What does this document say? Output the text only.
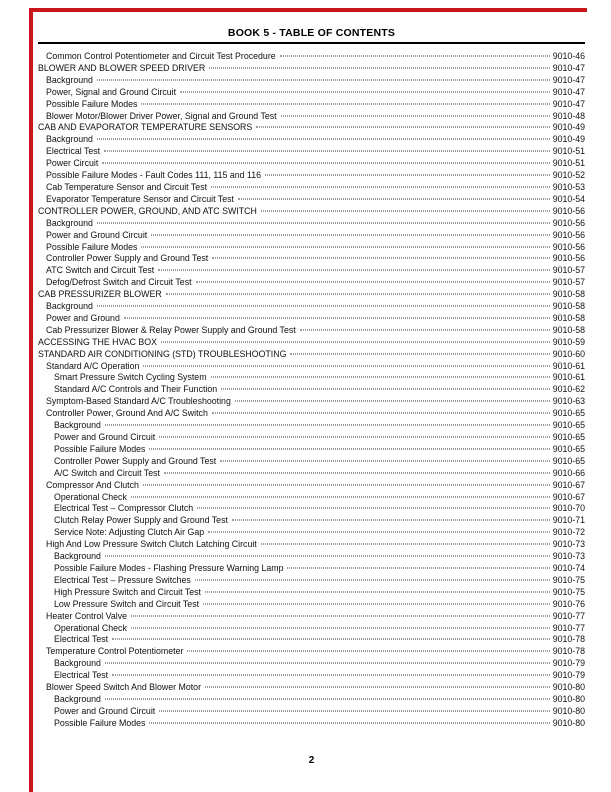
BOOK 5 - TABLE OF CONTENTS
Common Control Potentiometer and Circuit Test Procedure	9010-46
BLOWER AND BLOWER SPEED DRIVER	9010-47
Background	9010-47
Power, Signal and Ground Circuit	9010-47
Possible Failure Modes	9010-47
Blower Motor/Blower Driver Power, Signal and Ground Test	9010-48
CAB AND EVAPORATOR TEMPERATURE SENSORS	9010-49
Background	9010-49
Electrical Test	9010-51
Power Circuit	9010-51
Possible Failure Modes - Fault Codes 111, 115 and 116	9010-52
Cab Temperature Sensor and Circuit Test	9010-53
Evaporator Temperature Sensor and Circuit Test	9010-54
CONTROLLER POWER, GROUND, AND ATC SWITCH	9010-56
Background	9010-56
Power and Ground Circuit	9010-56
Possible Failure Modes	9010-56
Controller Power Supply and Ground Test	9010-56
ATC Switch and Circuit Test	9010-57
Defog/Defrost Switch and Circuit Test	9010-57
CAB PRESSURIZER BLOWER	9010-58
Background	9010-58
Power and Ground	9010-58
Cab Pressurizer Blower & Relay Power Supply and Ground Test	9010-58
ACCESSING THE HVAC BOX	9010-59
STANDARD AIR CONDITIONING (STD) TROUBLESHOOTING	9010-60
Standard A/C Operation	9010-61
Smart Pressure Switch Cycling System	9010-61
Standard A/C Controls and Their Function	9010-62
Symptom-Based Standard A/C Troubleshooting	9010-63
Controller Power, Ground And A/C Switch	9010-65
Background	9010-65
Power and Ground Circuit	9010-65
Possible Failure Modes	9010-65
Controller Power Supply and Ground Test	9010-65
A/C Switch and Circuit Test	9010-66
Compressor And Clutch	9010-67
Operational Check	9010-67
Electrical Test – Compressor Clutch	9010-70
Clutch Relay Power Supply and Ground Test	9010-71
Service Note: Adjusting Clutch Air Gap	9010-72
High And Low Pressure Switch Clutch Latching Circuit	9010-73
Background	9010-73
Possible Failure Modes - Flashing Pressure Warning Lamp	9010-74
Electrical Test – Pressure Switches	9010-75
High Pressure Switch and Circuit Test	9010-75
Low Pressure Switch and Circuit Test	9010-76
Heater Control Valve	9010-77
Operational Check	9010-77
Electrical Test	9010-78
Temperature Control Potentiometer	9010-78
Background	9010-79
Electrical Test	9010-79
Blower Speed Switch And Blower Motor	9010-80
Background	9010-80
Power and Ground Circuit	9010-80
Possible Failure Modes	9010-80
2
